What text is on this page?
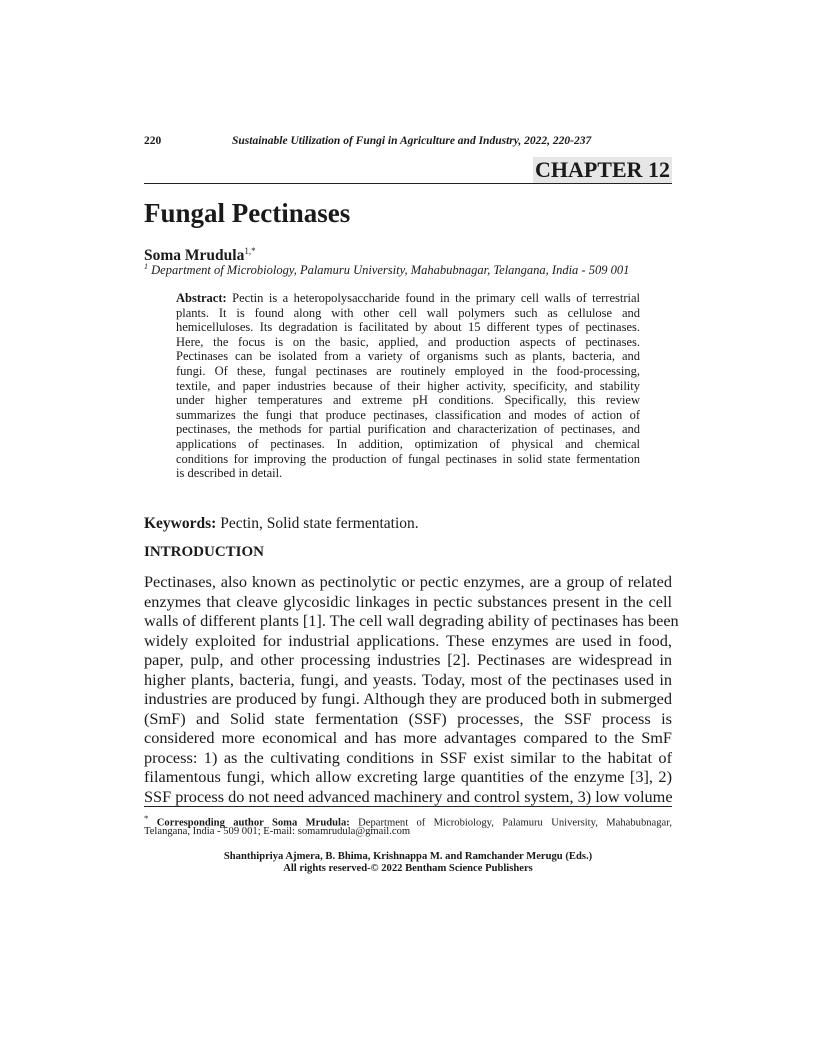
220	Sustainable Utilization of Fungi in Agriculture and Industry, 2022, 220-237
CHAPTER 12
Fungal Pectinases
Soma Mrudula$^{1,*}$
$^1$ Department of Microbiology, Palamuru University, Mahabubnagar, Telangana, India - 509 001
Abstract: Pectin is a heteropolysaccharide found in the primary cell walls of terrestrial
plants. It is found along with other cell wall polymers such as cellulose and
hemicelluloses. Its degradation is facilitated by about 15 different types of pectinases.
Here, the focus is on the basic, applied, and production aspects of pectinases.
Pectinases can be isolated from a variety of organisms such as plants, bacteria, and
fungi. Of these, fungal pectinases are routinely employed in the food-processing,
textile, and paper industries because of their higher activity, specificity, and stability
under higher temperatures and extreme pH conditions. Specifically, this review
summarizes the fungi that produce pectinases, classification and modes of action of
pectinases, the methods for partial purification and characterization of pectinases, and
applications of pectinases. In addition, optimization of physical and chemical
conditions for improving the production of fungal pectinases in solid state fermentation
is described in detail.
Keywords: Pectin, Solid state fermentation.
INTRODUCTION
Pectinases, also known as pectinolytic or pectic enzymes, are a group of related
enzymes that cleave glycosidic linkages in pectic substances present in the cell
walls of different plants [1]. The cell wall degrading ability of pectinases has been
widely exploited for industrial applications. These enzymes are used in food,
paper, pulp, and other processing industries [2]. Pectinases are widespread in
higher plants, bacteria, fungi, and yeasts. Today, most of the pectinases used in
industries are produced by fungi. Although they are produced both in submerged
(SmF) and Solid state fermentation (SSF) processes, the SSF process is
considered more economical and has more advantages compared to the SmF
process: 1) as the cultivating conditions in SSF exist similar to the habitat of
filamentous fungi, which allow excreting large quantities of the enzyme [3], 2)
SSF process do not need advanced machinery and control system, 3) low volume
* Corresponding author Soma Mrudula: Department of Microbiology, Palamuru University, Mahabubnagar,
Telangana, India - 509 001; E-mail: somamrudula@gmail.com
Shanthipriya Ajmera, B. Bhima, Krishnappa M. and Ramchander Merugu (Eds.)
All rights reserved-© 2022 Bentham Science Publishers
